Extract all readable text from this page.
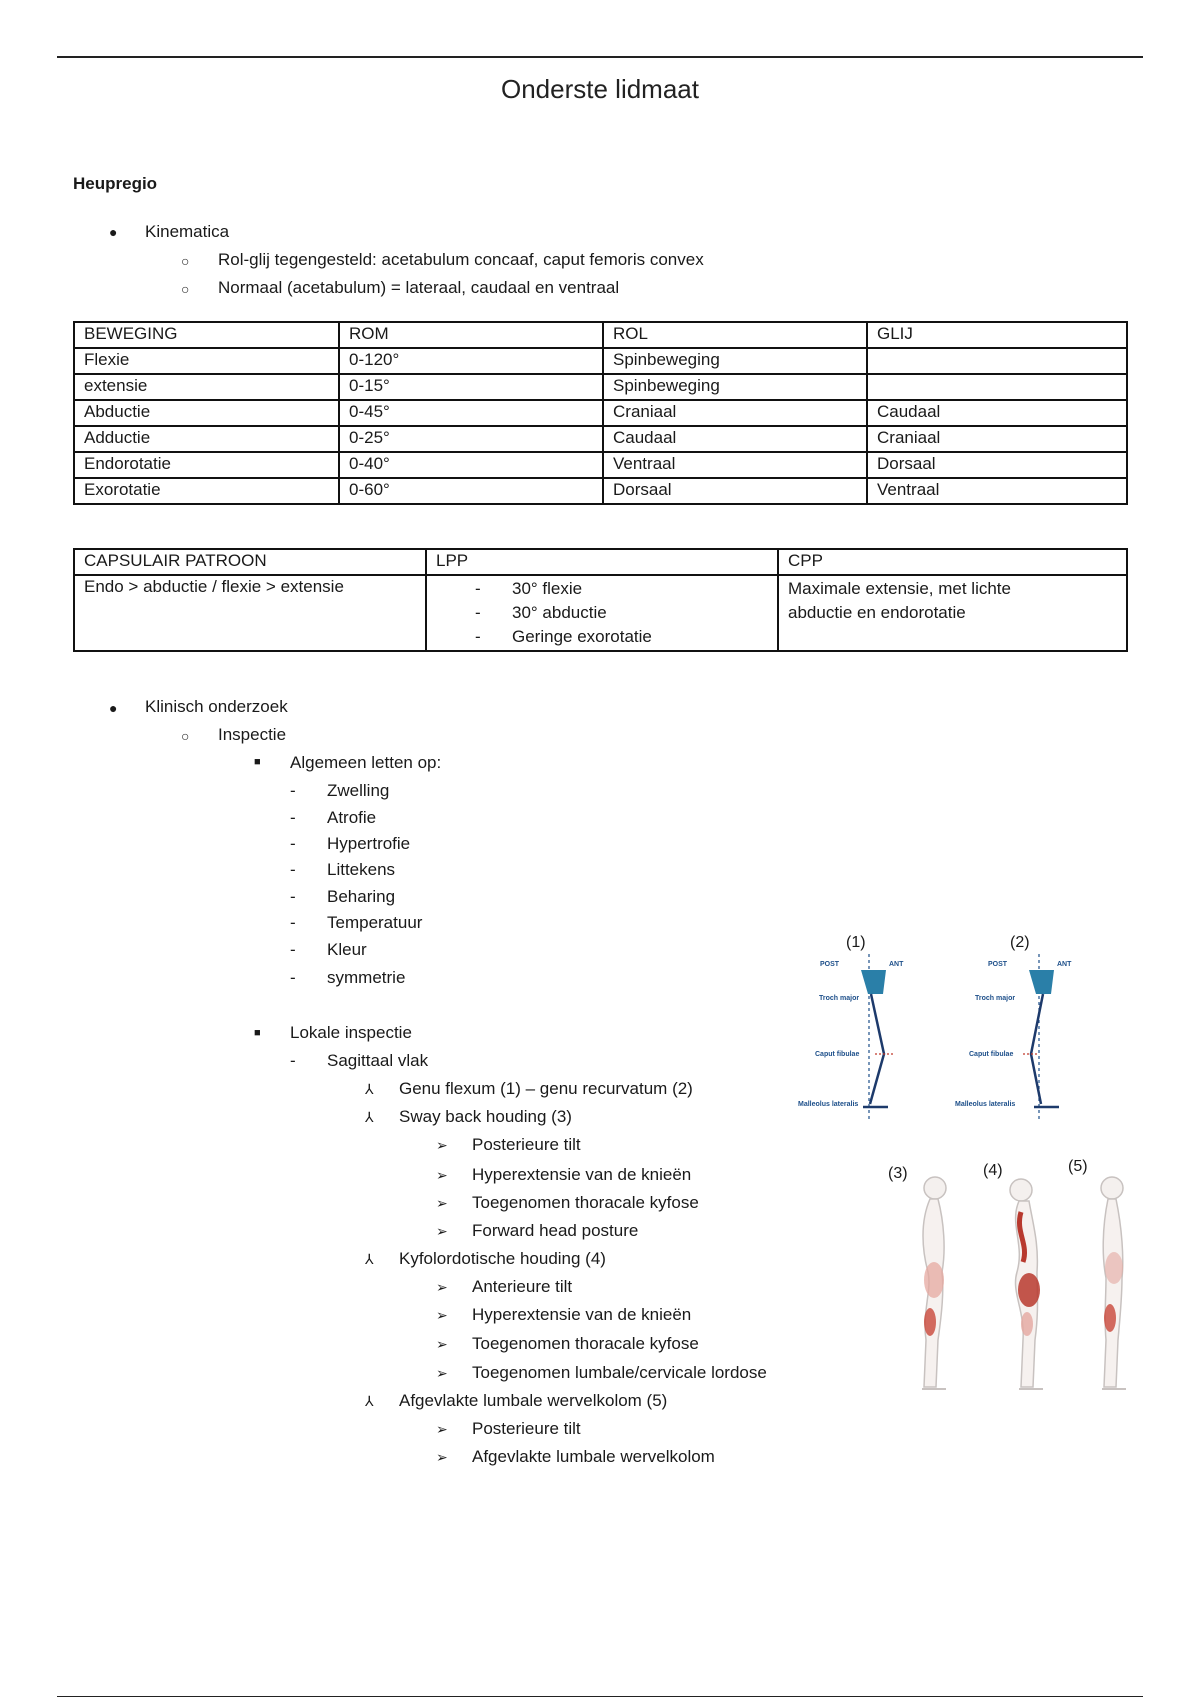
Onderste lidmaat
Heupregio
● Kinematica
○ Rol-glij tegengesteld: acetabulum concaaf, caput femoris convex
○ Normaal (acetabulum) = lateraal, caudaal en ventraal
BEWEGING	ROM	ROL	GLIJ
Flexie	0-120°	Spinbeweging	
extensie	0-15°	Spinbeweging	
Abductie	0-45°	Craniaal	Caudaal
Adductie	0-25°	Caudaal	Craniaal
Endorotatie	0-40°	Ventraal	Dorsaal
Exorotatie	0-60°	Dorsaal	Ventraal
CAPSULAIR PATROON	LPP	CPP
Endo > abductie / flexie > extensie	- 30° flexie
- 30° abductie
- Geringe exorotatie	Maximale extensie, met lichte
abductie en endorotatie
● Klinisch onderzoek
○ Inspectie
■ Algemeen letten op:
- Zwelling
- Atrofie
- Hypertrofie
- Littekens
- Beharing
- Temperatuur
- Kleur
- symmetrie
■ Lokale inspectie
- Sagittaal vlak
⅄ Genu flexum (1) – genu recurvatum (2)
⅄ Sway back houding (3)
➢ Posterieure tilt
➢ Hyperextensie van de knieën
➢ Toegenomen thoracale kyfose
➢ Forward head posture
⅄ Kyfolordotische houding (4)
➢ Anterieure tilt
➢ Hyperextensie van de knieën
➢ Toegenomen thoracale kyfose
➢ Toegenomen lumbale/cervicale lordose
⅄ Afgevlakte lumbale wervelkolom (5)
➢ Posterieure tilt
➢ Afgevlakte lumbale wervelkolom
(1)	(2)
POST	ANT
Troch major
Caput fibulae
Malleolus lateralis
POST	ANT
Troch major
Caput fibulae
Malleolus lateralis
(3)	(4)	(5)
